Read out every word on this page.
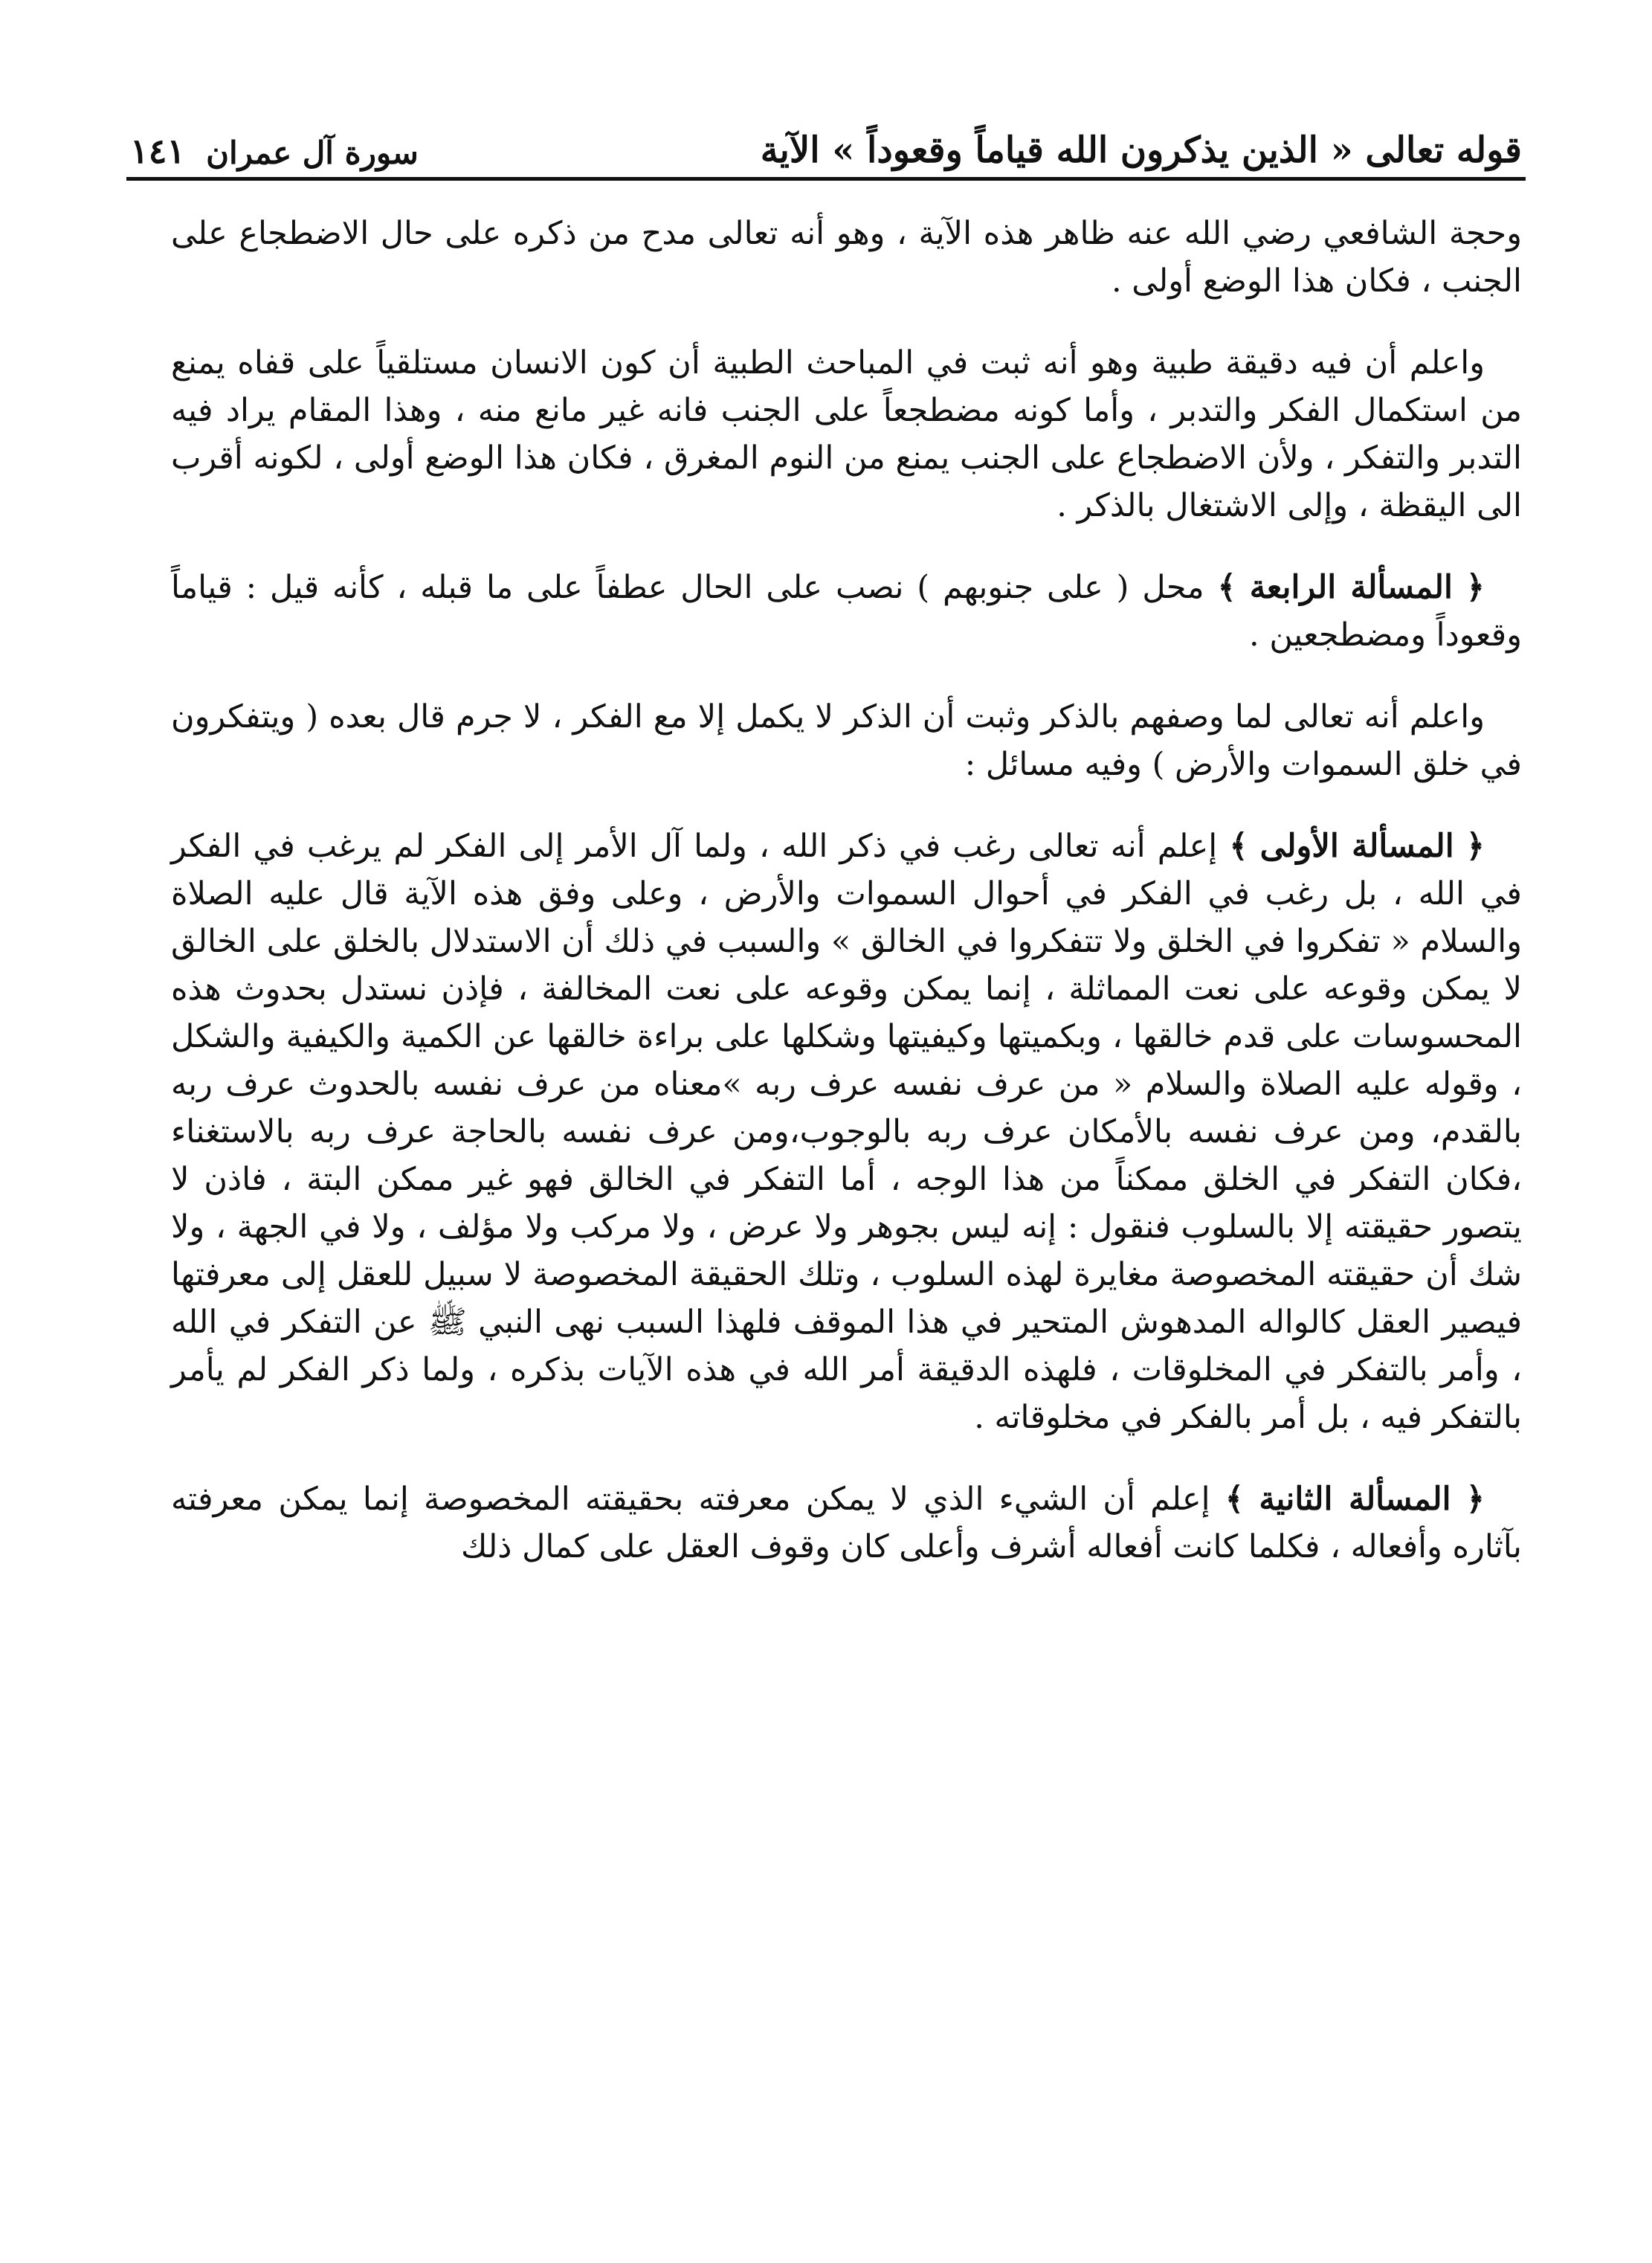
قوله تعالى « الذين يذكرون الله قياماً وقعوداً » الآية
سورة آل عمران
١٤١

وحجة الشافعي رضي الله عنه ظاهر هذه الآية ، وهو أنه تعالى مدح من ذكره على حال الاضطجاع على الجنب ، فكان هذا الوضع أولى .

واعلم أن فيه دقيقة طبية وهو أنه ثبت في المباحث الطبية أن كون الانسان مستلقياً على قفاه يمنع من استكمال الفكر والتدبر ، وأما كونه مضطجعاً على الجنب فانه غير مانع منه ، وهذا المقام يراد فيه التدبر والتفكر ، ولأن الاضطجاع على الجنب يمنع من النوم المغرق ، فكان هذا الوضع أولى ، لكونه أقرب الى اليقظة ، وإلى الاشتغال بالذكر .

﴿ المسألة الرابعة ﴾ محل ( على جنوبهم ) نصب على الحال عطفاً على ما قبله ، كأنه قيل : قياماً وقعوداً ومضطجعين .

واعلم أنه تعالى لما وصفهم بالذكر وثبت أن الذكر لا يكمل إلا مع الفكر ، لا جرم قال بعده ( ويتفكرون في خلق السموات والأرض ) وفيه مسائل :

﴿ المسألة الأولى ﴾ إعلم أنه تعالى رغب في ذكر الله ، ولما آل الأمر إلى الفكر لم يرغب في الفكر في الله ، بل رغب في الفكر في أحوال السموات والأرض ، وعلى وفق هذه الآية قال عليه الصلاة والسلام « تفكروا في الخلق ولا تتفكروا في الخالق » والسبب في ذلك أن الاستدلال بالخلق على الخالق لا يمكن وقوعه على نعت المماثلة ، إنما يمكن وقوعه على نعت المخالفة ، فإذن نستدل بحدوث هذه المحسوسات على قدم خالقها ، وبكميتها وكيفيتها وشكلها على براءة خالقها عن الكمية والكيفية والشكل ، وقوله عليه الصلاة والسلام « من عرف نفسه عرف ربه »معناه من عرف نفسه بالحدوث عرف ربه بالقدم، ومن عرف نفسه بالأمكان عرف ربه بالوجوب،ومن عرف نفسه بالحاجة عرف ربه بالاستغناء ،فكان التفكر في الخلق ممكناً من هذا الوجه ، أما التفكر في الخالق فهو غير ممكن البتة ، فاذن لا يتصور حقيقته إلا بالسلوب فنقول : إنه ليس بجوهر ولا عرض ، ولا مركب ولا مؤلف ، ولا في الجهة ، ولا شك أن حقيقته المخصوصة مغايرة لهذه السلوب ، وتلك الحقيقة المخصوصة لا سبيل للعقل إلى معرفتها فيصير العقل كالواله المدهوش المتحير في هذا الموقف فلهذا السبب نهى النبي ﷺ عن التفكر في الله ، وأمر بالتفكر في المخلوقات ، فلهذه الدقيقة أمر الله في هذه الآيات بذكره ، ولما ذكر الفكر لم يأمر بالتفكر فيه ، بل أمر بالفكر في مخلوقاته .

﴿ المسألة الثانية ﴾ إعلم أن الشيء الذي لا يمكن معرفته بحقيقته المخصوصة إنما يمكن معرفته بآثاره وأفعاله ، فكلما كانت أفعاله أشرف وأعلى كان وقوف العقل على كمال ذلك
